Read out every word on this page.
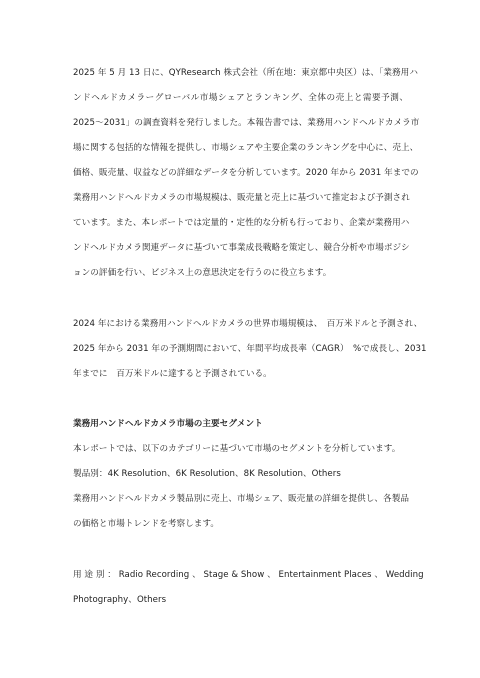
2025 年 5 月 13 日に、QYResearch 株式会社（所在地：東京都中央区）は、「業務用ハ
ンドヘルドカメラーグローバル市場シェアとランキング、全体の売上と需要予測、
2025～2031」の調査資料を発行しました。本報告書では、業務用ハンドヘルドカメラ市
場に関する包括的な情報を提供し、市場シェアや主要企業のランキングを中心に、売上、
価格、販売量、収益などの詳細なデータを分析しています。2020 年から 2031 年までの
業務用ハンドヘルドカメラの市場規模は、販売量と売上に基づいて推定および予測され
ています。また、本レポートでは定量的・定性的な分析も行っており、企業が業務用ハ
ンドヘルドカメラ関連データに基づいて事業成長戦略を策定し、競合分析や市場ポジシ
ョンの評価を行い、ビジネス上の意思決定を行うのに役立ちます。
2024 年における業務用ハンドヘルドカメラの世界市場規模は、　百万米ドルと予測され、
2025 年から 2031 年の予測期間において、年間平均成長率（CAGR）　%で成長し、2031
年までに　百万米ドルに達すると予測されている。
業務用ハンドヘルドカメラ市場の主要セグメント
本レポートでは、以下のカテゴリーに基づいて市場のセグメントを分析しています。
製品別：4K Resolution、6K Resolution、8K Resolution、Others
業務用ハンドヘルドカメラ製品別に売上、市場シェア、販売量の詳細を提供し、各製品
の価格と市場トレンドを考察します。
用 途 別 ： Radio Recording 、 Stage & Show 、 Entertainment Places 、 Wedding
Photography、Others
